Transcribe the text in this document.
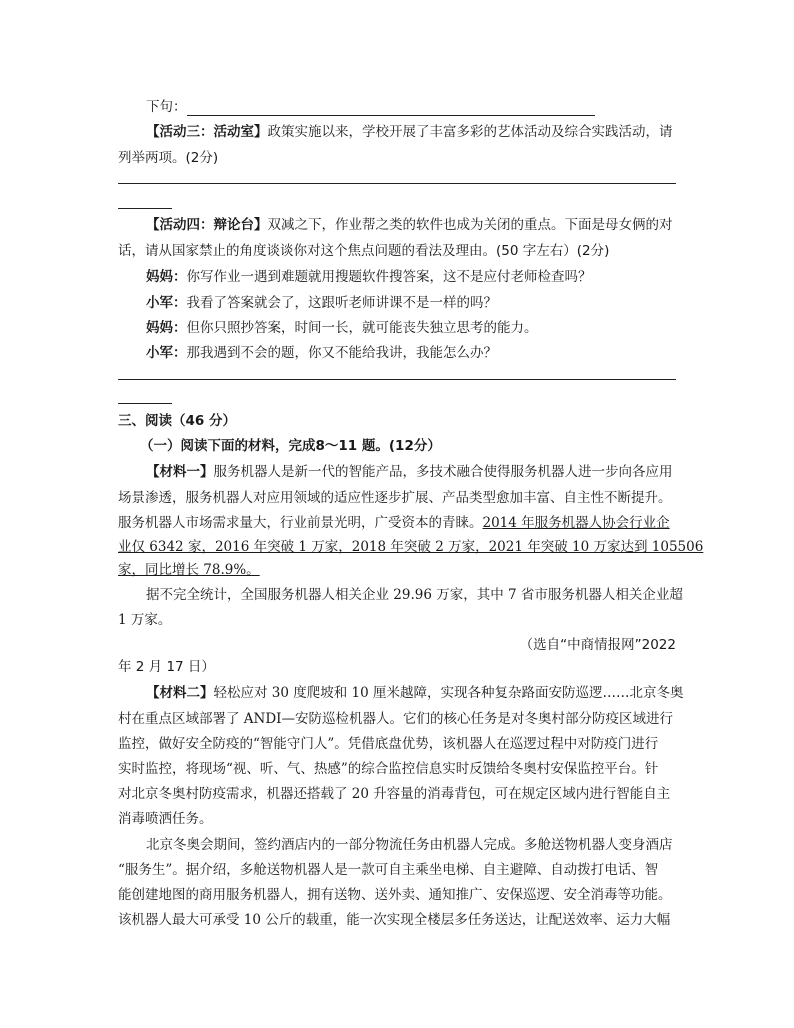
下句：
【活动三：活动室】政策实施以来，学校开展了丰富多彩的艺体活动及综合实践活动，请
列举两项。(2分)
【活动四：辩论台】双减之下，作业帮之类的软件也成为关闭的重点。下面是母女俩的对
话，请从国家禁止的角度谈谈你对这个焦点问题的看法及理由。(50 字左右）(2分)
妈妈：你写作业一遇到难题就用搜题软件搜答案，这不是应付老师检查吗？
小军：我看了答案就会了，这跟听老师讲课不是一样的吗？
妈妈：但你只照抄答案，时间一长，就可能丧失独立思考的能力。
小军：那我遇到不会的题，你又不能给我讲，我能怎么办？
三、阅读（46 分）
（一）阅读下面的材料，完成8～11 题。(12分）
【材料一】服务机器人是新一代的智能产品，多技术融合使得服务机器人进一步向各应用
场景渗透，服务机器人对应用领域的适应性逐步扩展、产品类型愈加丰富、自主性不断提升。
服务机器人市场需求量大，行业前景光明，广受资本的青睐。2014 年服务机器人协会行业企
业仅 6342 家，2016 年突破 1 万家，2018 年突破 2 万家，2021 年突破 10 万家达到 105506
家，同比增长 78.9%。
据不完全统计，全国服务机器人相关企业 29.96 万家，其中 7 省市服务机器人相关企业超
1 万家。
（选自“中商情报网”2022
年 2 月 17 日）
【材料二】轻松应对 30 度爬坡和 10 厘米越障，实现各种复杂路面安防巡逻……北京冬奥
村在重点区域部署了 ANDI—安防巡检机器人。它们的核心任务是对冬奥村部分防疫区域进行
监控，做好安全防疫的“智能守门人”。凭借底盘优势，该机器人在巡逻过程中对防疫门进行
实时监控，将现场“视、听、气、热感”的综合监控信息实时反馈给冬奥村安保监控平台。针
对北京冬奥村防疫需求，机器还搭载了 20 升容量的消毒背包，可在规定区域内进行智能自主
消毒喷洒任务。
北京冬奥会期间，签约酒店内的一部分物流任务由机器人完成。多舱送物机器人变身酒店
“服务生”。据介绍，多舱送物机器人是一款可自主乘坐电梯、自主避障、自动拨打电话、智
能创建地图的商用服务机器人，拥有送物、送外卖、通知推广、安保巡逻、安全消毒等功能。
该机器人最大可承受 10 公斤的载重，能一次实现全楼层多任务送达，让配送效率、运力大幅
